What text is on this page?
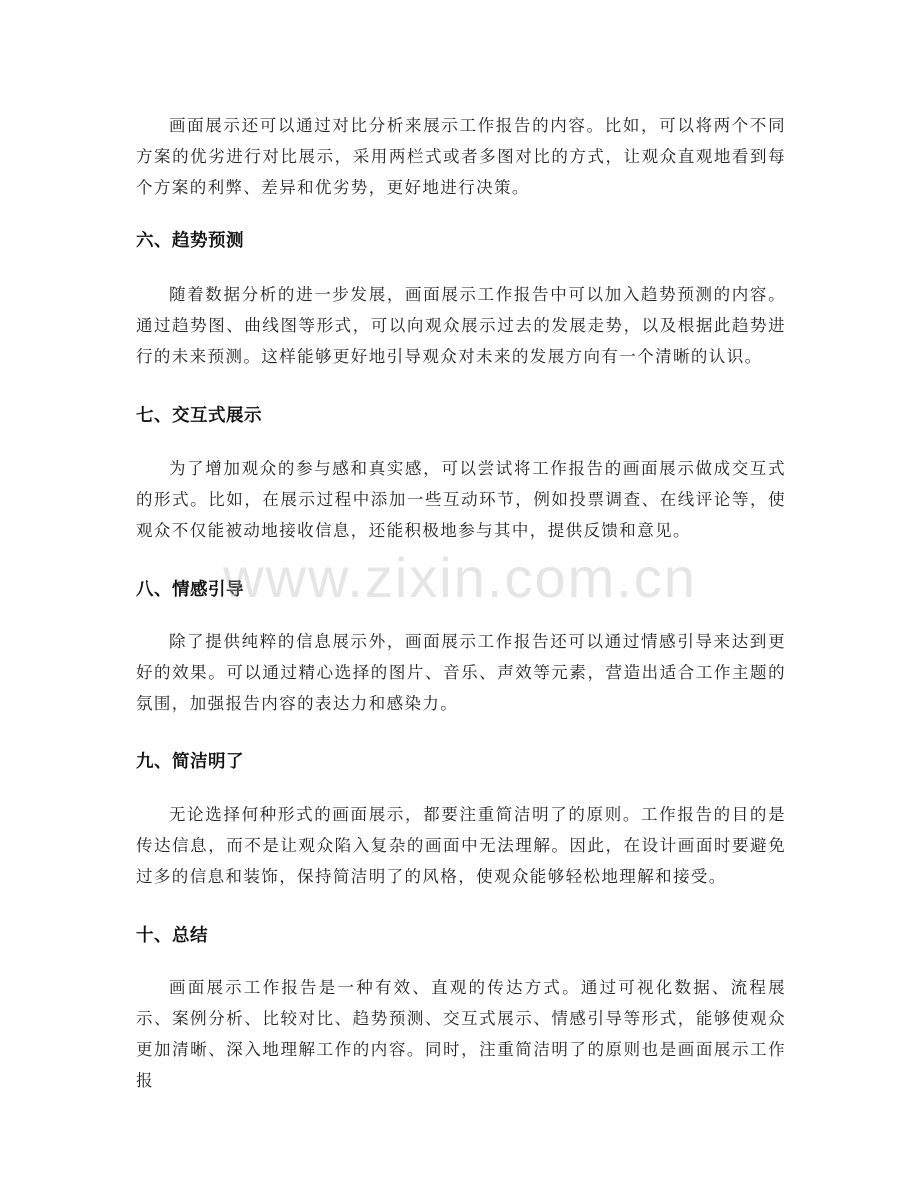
画面展示还可以通过对比分析来展示工作报告的内容。比如，可以将两个不同方案的优劣进行对比展示，采用两栏式或者多图对比的方式，让观众直观地看到每个方案的利弊、差异和优劣势，更好地进行决策。

六、趋势预测

随着数据分析的进一步发展，画面展示工作报告中可以加入趋势预测的内容。通过趋势图、曲线图等形式，可以向观众展示过去的发展走势，以及根据此趋势进行的未来预测。这样能够更好地引导观众对未来的发展方向有一个清晰的认识。

七、交互式展示

为了增加观众的参与感和真实感，可以尝试将工作报告的画面展示做成交互式的形式。比如，在展示过程中添加一些互动环节，例如投票调查、在线评论等，使观众不仅能被动地接收信息，还能积极地参与其中，提供反馈和意见。

八、情感引导

除了提供纯粹的信息展示外，画面展示工作报告还可以通过情感引导来达到更好的效果。可以通过精心选择的图片、音乐、声效等元素，营造出适合工作主题的氛围，加强报告内容的表达力和感染力。

九、简洁明了

无论选择何种形式的画面展示，都要注重简洁明了的原则。工作报告的目的是传达信息，而不是让观众陷入复杂的画面中无法理解。因此，在设计画面时要避免过多的信息和装饰，保持简洁明了的风格，使观众能够轻松地理解和接受。

十、总结

画面展示工作报告是一种有效、直观的传达方式。通过可视化数据、流程展示、案例分析、比较对比、趋势预测、交互式展示、情感引导等形式，能够使观众更加清晰、深入地理解工作的内容。同时，注重简洁明了的原则也是画面展示工作报

www.zixin.com.cn
